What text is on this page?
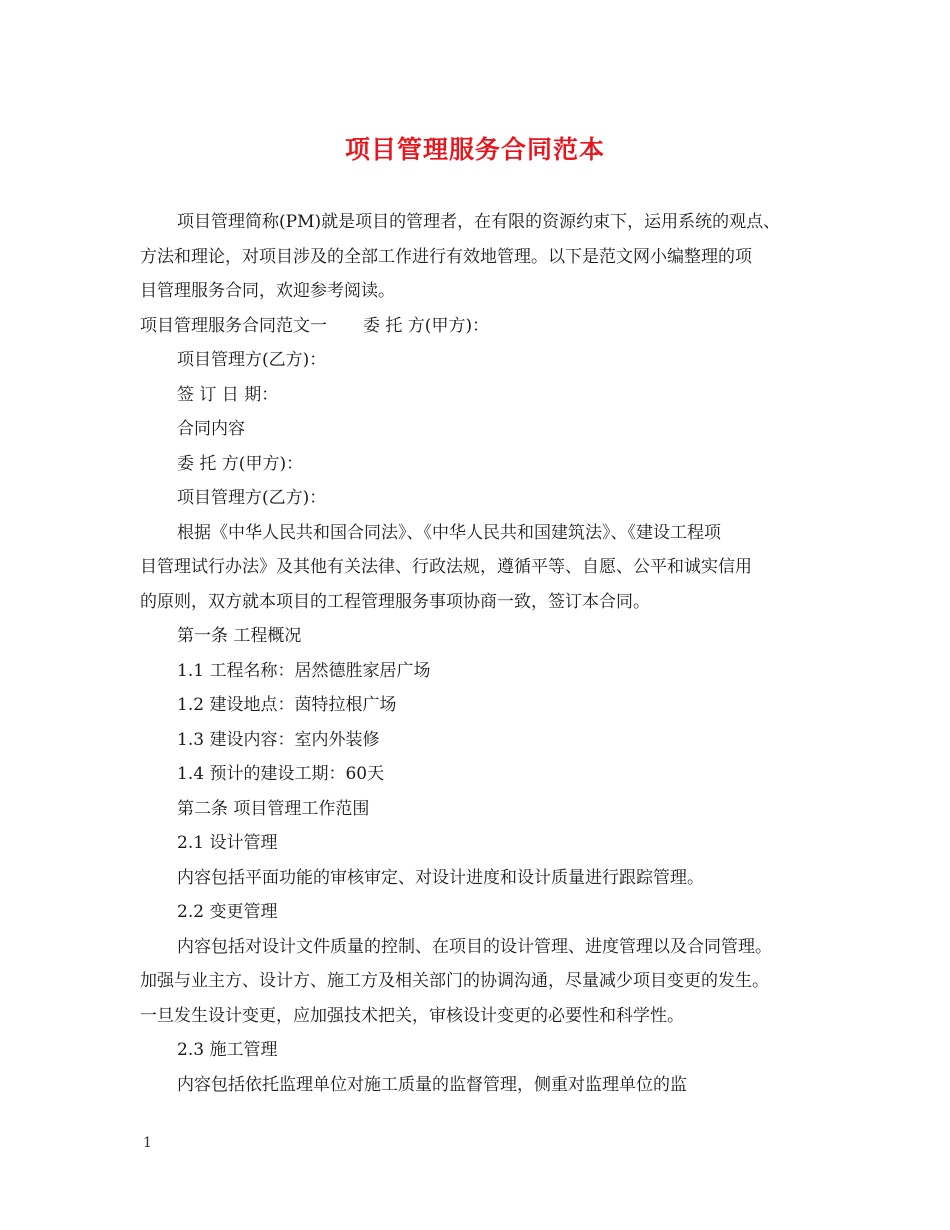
项目管理服务合同范本
项目管理简称(PM)就是项目的管理者，在有限的资源约束下，运用系统的观点、
方法和理论，对项目涉及的全部工作进行有效地管理。以下是范文网小编整理的项
目管理服务合同，欢迎参考阅读。
项目管理服务合同范文一 委 托 方(甲方)：
项目管理方(乙方)：
签 订 日 期：
合同内容
委 托 方(甲方)：
项目管理方(乙方)：
根据《中华人民共和国合同法》、《中华人民共和国建筑法》、《建设工程项
目管理试行办法》及其他有关法律、行政法规，遵循平等、自愿、公平和诚实信用
的原则，双方就本项目的工程管理服务事项协商一致，签订本合同。
第一条 工程概况
1.1 工程名称：居然德胜家居广场
1.2 建设地点：茵特拉根广场
1.3 建设内容：室内外装修
1.4 预计的建设工期：60天
第二条 项目管理工作范围
2.1 设计管理
内容包括平面功能的审核审定、对设计进度和设计质量进行跟踪管理。
2.2 变更管理
内容包括对设计文件质量的控制、在项目的设计管理、进度管理以及合同管理。
加强与业主方、设计方、施工方及相关部门的协调沟通，尽量减少项目变更的发生。
一旦发生设计变更，应加强技术把关，审核设计变更的必要性和科学性。
2.3 施工管理
内容包括依托监理单位对施工质量的监督管理，侧重对监理单位的监
1
